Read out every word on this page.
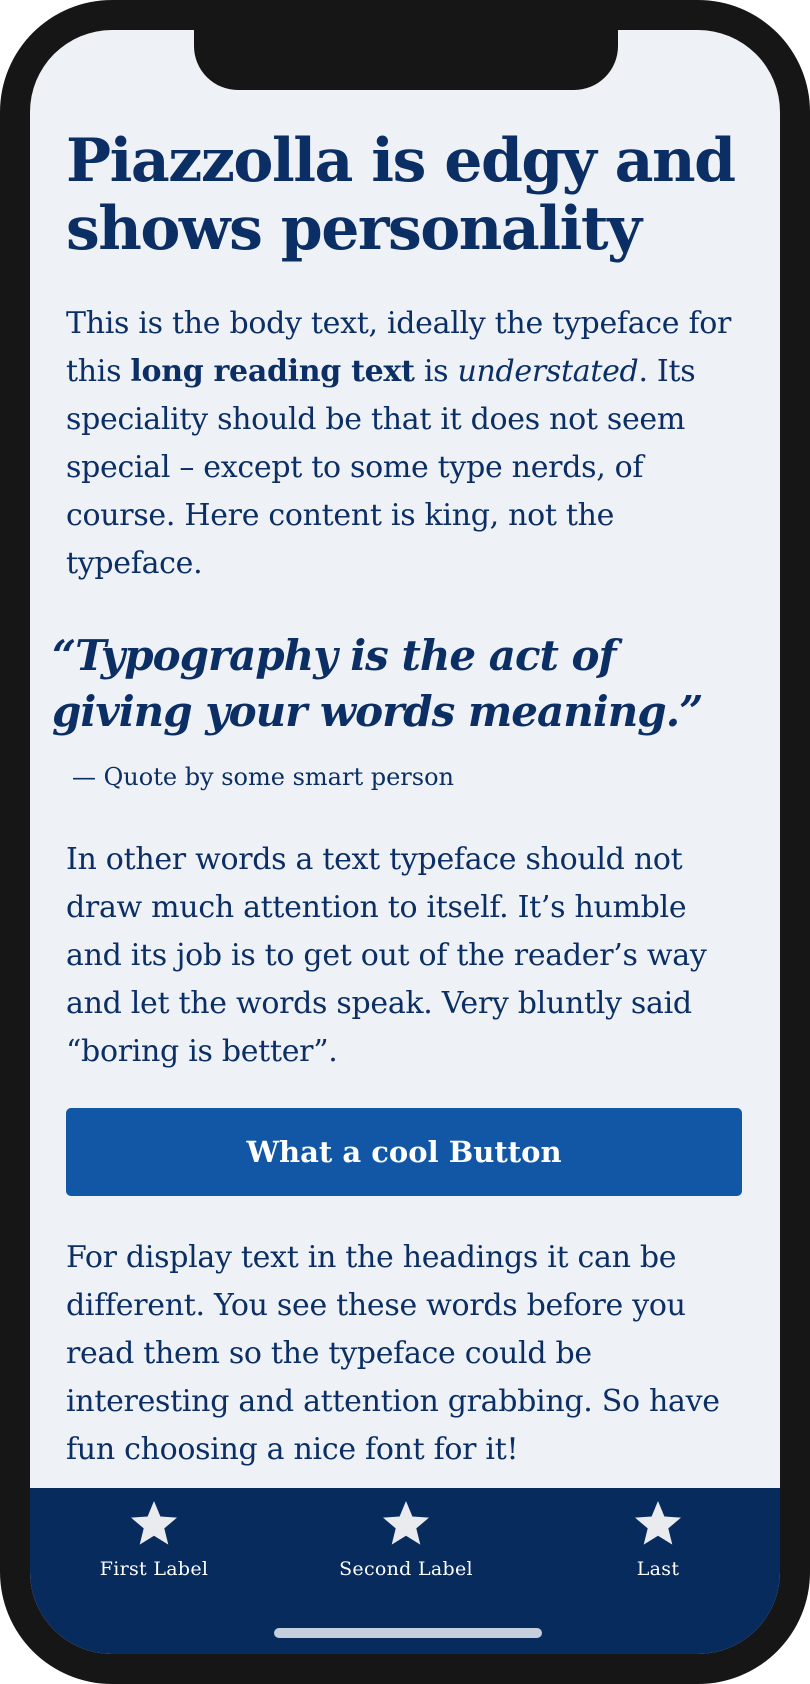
Piazzolla is edgy and shows personality

This is the body text, ideally the typeface for this long reading text is understated. Its speciality should be that it does not seem special – except to some type nerds, of course. Here content is king, not the typeface.

“Typography is the act of giving your words meaning.”

— Quote by some smart person

In other words a text typeface should not draw much attention to itself. It’s humble and its job is to get out of the reader’s way and let the words speak. Very bluntly said “boring is better”.

What a cool Button

For display text in the headings it can be different. You see these words before you read them so the typeface could be interesting and attention grabbing. So have fun choosing a nice font for it!

First Label	Second Label	Last
